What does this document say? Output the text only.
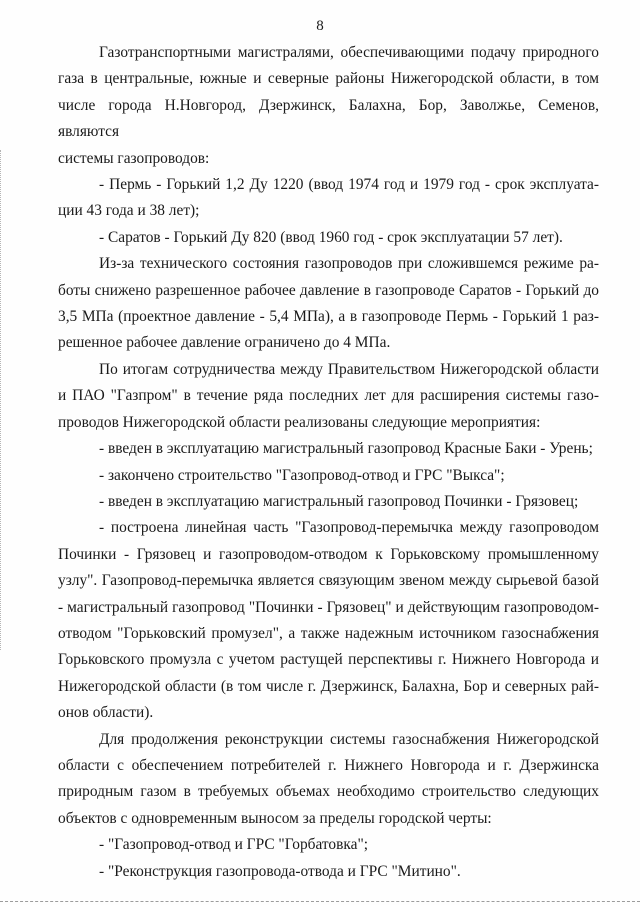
8
Газотранспортными магистралями, обеспечивающими подачу природного
газа в центральные, южные и северные районы Нижегородской области, в том
числе города Н.Новгород, Дзержинск, Балахна, Бор, Заволжье, Семенов, являются
системы газопроводов:
- Пермь - Горький 1,2 Ду 1220 (ввод 1974 год и 1979 год - срок эксплуата-
ции 43 года и 38 лет);
- Саратов - Горький Ду 820 (ввод 1960 год - срок эксплуатации 57 лет).
Из-за технического состояния газопроводов при сложившемся режиме ра-
боты снижено разрешенное рабочее давление в газопроводе Саратов - Горький до
3,5 МПа (проектное давление - 5,4 МПа), а в газопроводе Пермь - Горький 1 раз-
решенное рабочее давление ограничено до 4 МПа.
По итогам сотрудничества между Правительством Нижегородской области
и ПАО "Газпром" в течение ряда последних лет для расширения системы газо-
проводов Нижегородской области реализованы следующие мероприятия:
- введен в эксплуатацию магистральный газопровод Красные Баки - Урень;
- закончено строительство "Газопровод-отвод и ГРС "Выкса";
- введен в эксплуатацию магистральный газопровод Починки - Грязовец;
- построена линейная часть "Газопровод-перемычка между газопроводом
Починки - Грязовец и газопроводом-отводом к Горьковскому промышленному
узлу". Газопровод-перемычка является связующим звеном между сырьевой базой
- магистральный газопровод "Починки - Грязовец" и действующим газопроводом-
отводом "Горьковский промузел", а также надежным источником газоснабжения
Горьковского промузла с учетом растущей перспективы г. Нижнего Новгорода и
Нижегородской области (в том числе г. Дзержинск, Балахна, Бор и северных рай-
онов области).
Для продолжения реконструкции системы газоснабжения Нижегородской
области с обеспечением потребителей г. Нижнего Новгорода и г. Дзержинска
природным газом в требуемых объемах необходимо строительство следующих
объектов с одновременным выносом за пределы городской черты:
- "Газопровод-отвод и ГРС "Горбатовка";
- "Реконструкция газопровода-отвода и ГРС "Митино".
